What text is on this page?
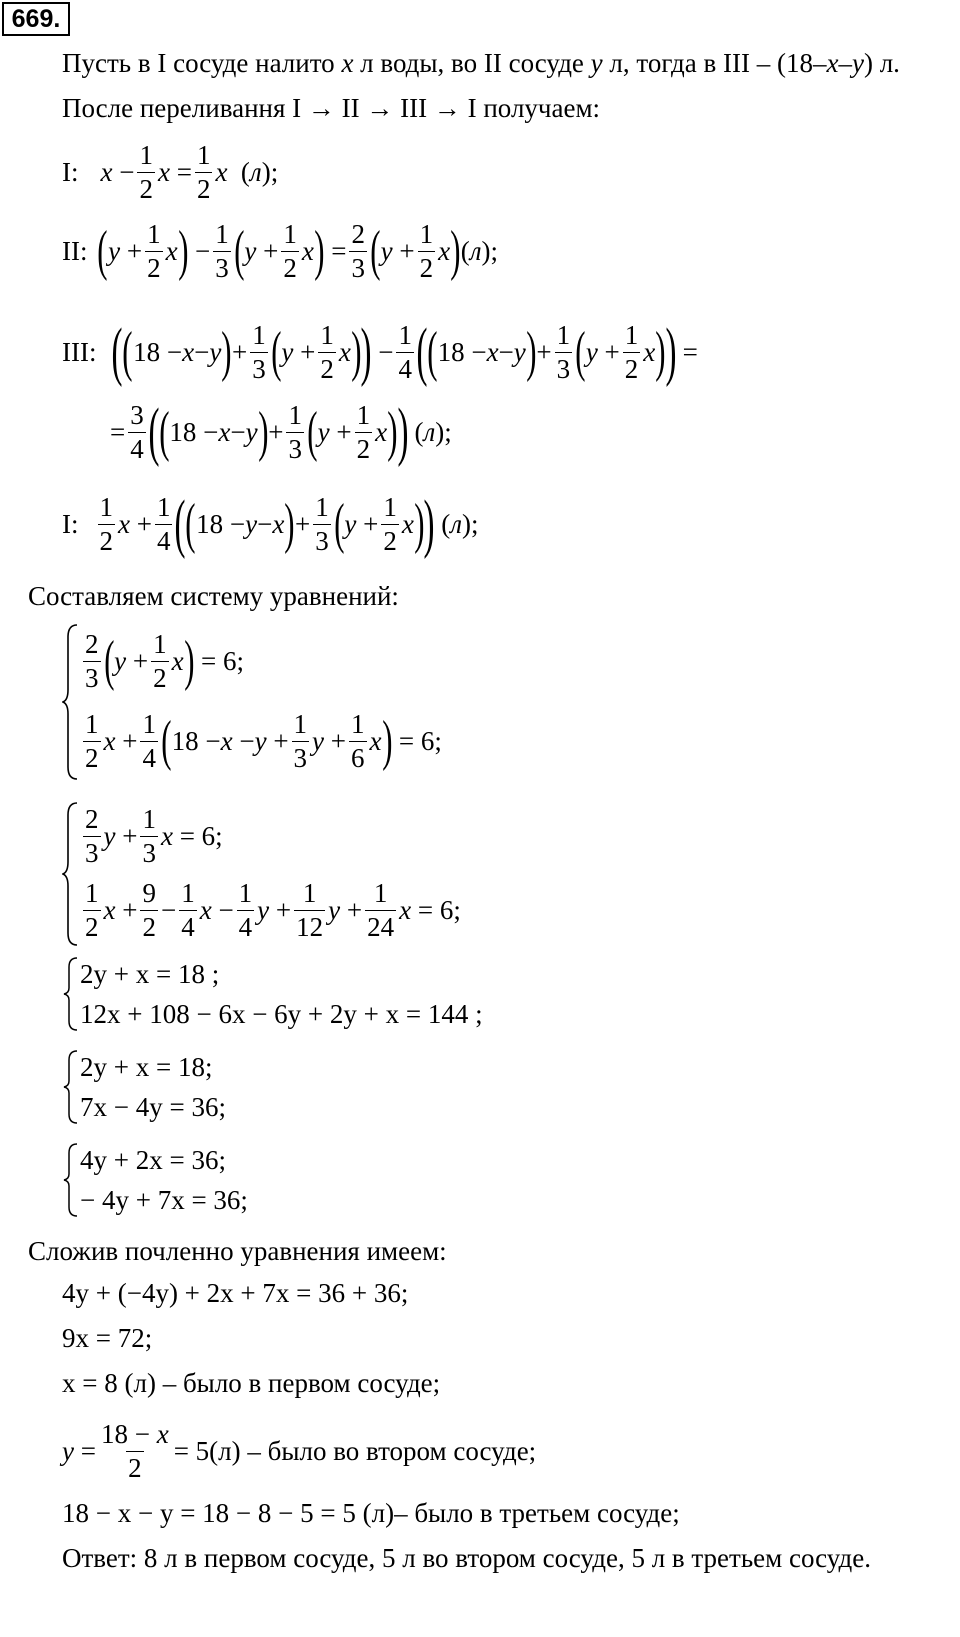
669.
Пусть в I сосуде налито x л воды, во II сосуде y л, тогда в III – (18–x–y) л.
После переливання I → II → III → I получаем:
I: $x - \frac{1}{2}$ $x = \frac{1}{2}$ x ( л );
II: ( $y + \frac{1}{2}$ x ) − $\frac{1}{3}$ ( $y + \frac{1}{2}$ x ) = $\frac{2}{3}$ ( $y + \frac{1}{2}$ x ) ( л );
III: ( ( 18 − x − y ) + $\frac{1}{3}$ ( $y + \frac{1}{2}$ x ) ) − $\frac{1}{4}$ ( ( 18 − x − y ) + $\frac{1}{3}$ ( $y + \frac{1}{2}$ x ) ) =
= $\frac{3}{4}$ ( ( 18 − x − y ) + $\frac{1}{3}$ ( $y + \frac{1}{2}$ x ) ) ( л );
I: $\frac{1}{2}$ $x + \frac{1}{4}$ ( ( 18 − y − x ) + $\frac{1}{3}$ ( $y + \frac{1}{2}$ x ) ) ( л );
Составляем систему уравнений:
$\frac{2}{3}$ ( $y + \frac{1}{2}$ x ) = 6;
$\frac{1}{2}$ $x + \frac{1}{4}$ ( $18 - x - y + \frac{1}{3}$ $y + \frac{1}{6}$ x ) = 6;
$\frac{2}{3}$ $y + \frac{1}{3}$ x = 6;
$\frac{1}{2}$ $x + \frac{9}{2} - \frac{1}{4}$ $x - \frac{1}{4}$ $y + \frac{1}{12}$ $y + \frac{1}{24}$ x = 6;
2y + x = 18 ;
12x + 108 − 6x − 6y + 2y + x = 144 ;
2y + x = 18;
7x − 4y = 36;
4y + 2x = 36;
− 4y + 7x = 36;
Сложив почленно уравнения имеем:
4y + (−4y) + 2x + 7x = 36 + 36;
9x = 72;
x = 8 (л) – было в первом сосуде;
$y = \frac{18 - x}{2} = 5(л)$ – было во втором сосуде;
18 − x − y = 18 − 8 − 5 = 5 (л)– было в третьем сосуде;
Ответ: 8 л в первом сосуде, 5 л во втором сосуде, 5 л в третьем сосуде.
